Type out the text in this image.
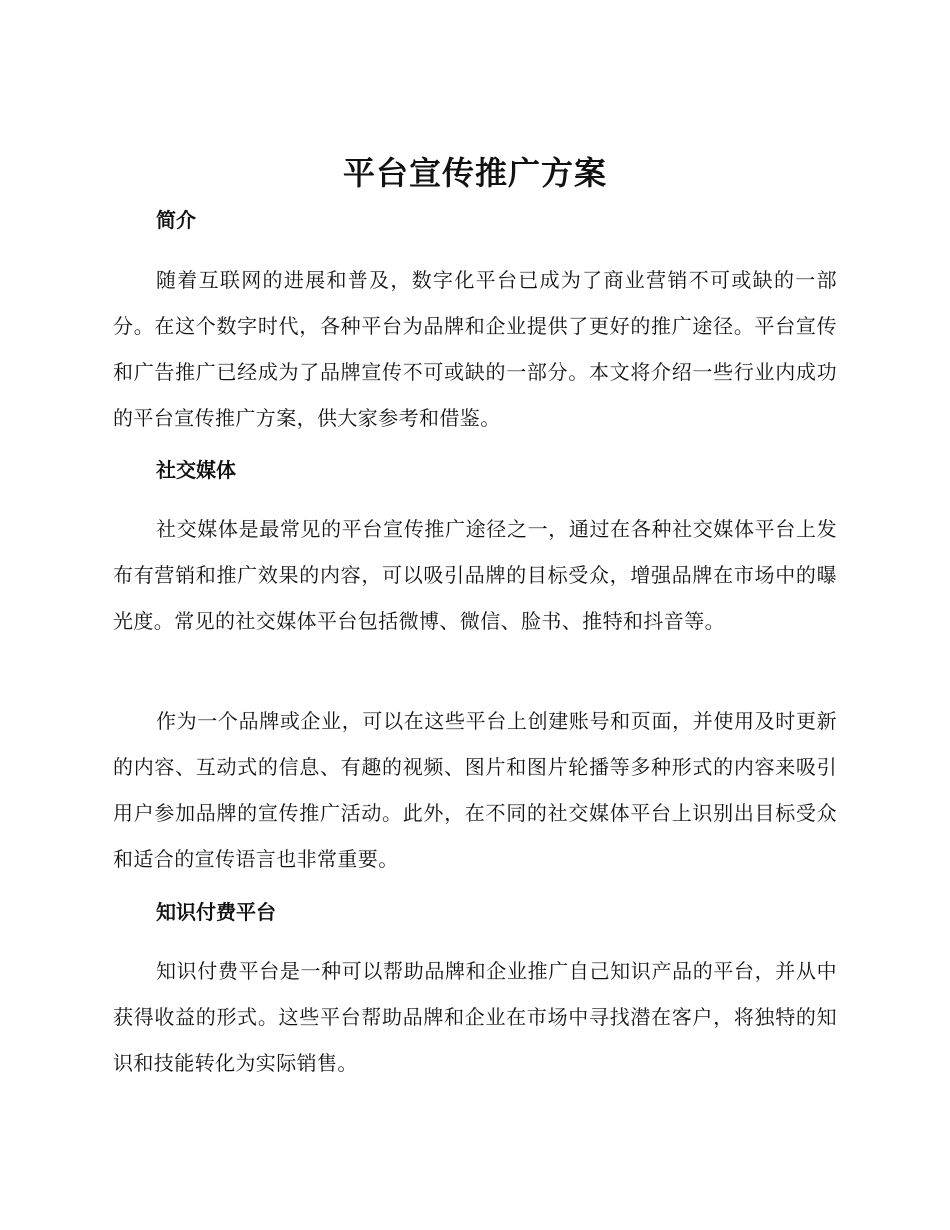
平台宣传推广方案
简介

随着互联网的进展和普及，数字化平台已成为了商业营销不可或缺的一部分。在这个数字时代，各种平台为品牌和企业提供了更好的推广途径。平台宣传和广告推广已经成为了品牌宣传不可或缺的一部分。本文将介绍一些行业内成功的平台宣传推广方案，供大家参考和借鉴。

社交媒体

社交媒体是最常见的平台宣传推广途径之一，通过在各种社交媒体平台上发布有营销和推广效果的内容，可以吸引品牌的目标受众，增强品牌在市场中的曝光度。常见的社交媒体平台包括微博、微信、脸书、推特和抖音等。

作为一个品牌或企业，可以在这些平台上创建账号和页面，并使用及时更新的内容、互动式的信息、有趣的视频、图片和图片轮播等多种形式的内容来吸引用户参加品牌的宣传推广活动。此外，在不同的社交媒体平台上识别出目标受众和适合的宣传语言也非常重要。

知识付费平台

知识付费平台是一种可以帮助品牌和企业推广自己知识产品的平台，并从中获得收益的形式。这些平台帮助品牌和企业在市场中寻找潜在客户，将独特的知识和技能转化为实际销售。
